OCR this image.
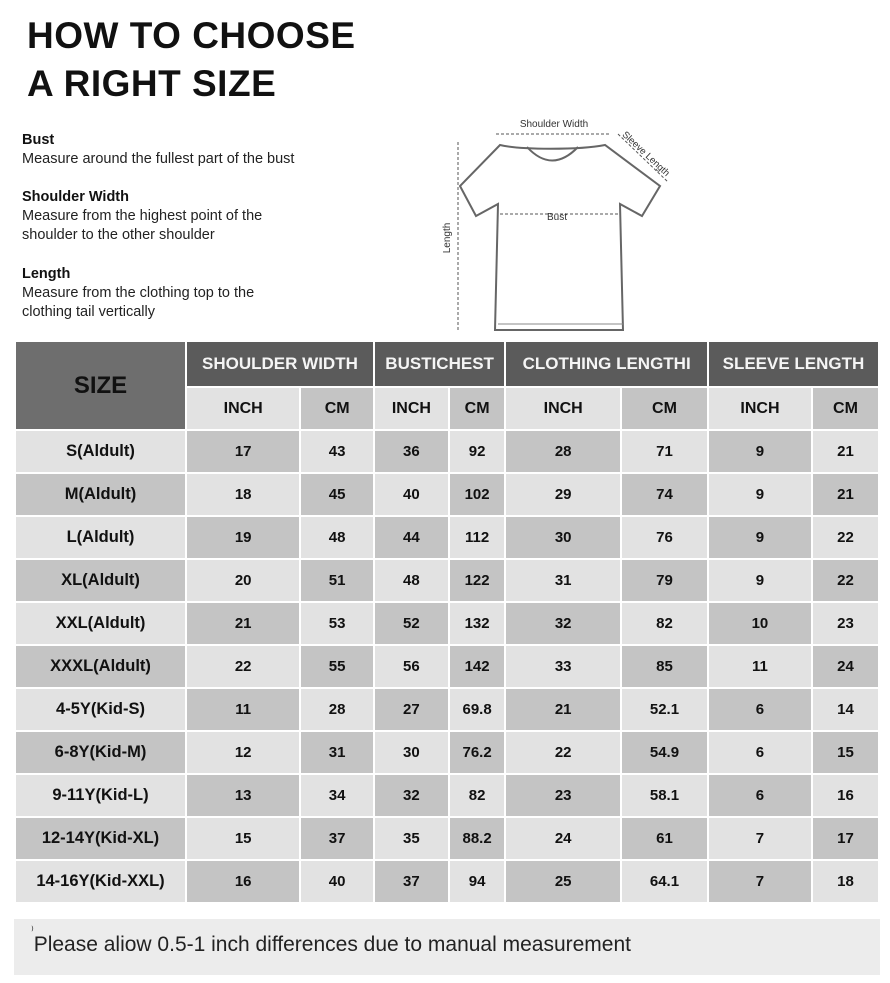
HOW TO CHOOSE
A RIGHT SIZE
Bust
Measure around the fullest part of the bust
Shoulder Width
Measure from the highest point of the
shoulder to the other shoulder
Length
Measure from the clothing top to the
clothing tail vertically
Shoulder Width
Sleeve Length
Bust
Length
SIZE	SHOULDER WIDTH		BUSTICHEST		CLOTHING LENGTHI		SLEEVE LENGTH	
	INCH	CM	INCH	CM	INCH	CM	INCH	CM
S(Aldult)	17	43	36	92	28	71	9	21
M(Aldult)	18	45	40	102	29	74	9	21
L(Aldult)	19	48	44	112	30	76	9	22
XL(Aldult)	20	51	48	122	31	79	9	22
XXL(Aldult)	21	53	52	132	32	82	10	23
XXXL(Aldult)	22	55	56	142	33	85	11	24
4-5Y(Kid-S)	11	28	27	69.8	21	52.1	6	14
6-8Y(Kid-M)	12	31	30	76.2	22	54.9	6	15
9-11Y(Kid-L)	13	34	32	82	23	58.1	6	16
12-14Y(Kid-XL)	15	37	35	88.2	24	61	7	17
14-16Y(Kid-XXL)	16	40	37	94	25	64.1	7	18
⁾Please aliow 0.5-1 inch differences due to manual measurement
